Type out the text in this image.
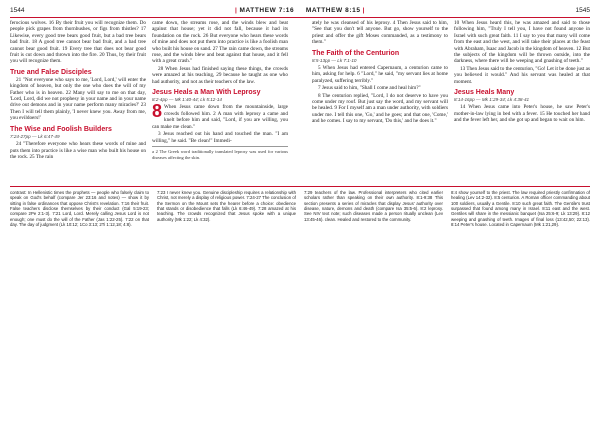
1544	| MATTHEW 7:16 MATTHEW 8:15 |	1545

ferocious wolves. 16 By their fruit you will recognize them. Do people pick grapes from thornbushes, or figs from thistles? 17 Likewise, every good tree bears good fruit, but a bad tree bears bad fruit. 18 A good tree cannot bear bad fruit, and a bad tree cannot bear good fruit. 19 Every tree that does not bear good fruit is cut down and thrown into the fire. 20 Thus, by their fruit you will recognize them.

True and False Disciples

21 "Not everyone who says to me, 'Lord, Lord,' will enter the kingdom of heaven, but only the one who does the will of my Father who is in heaven. 22 Many will say to me on that day, 'Lord, Lord, did we not prophesy in your name and in your name drive out demons and in your name perform many miracles?' 23 Then I will tell them plainly, 'I never knew you. Away from me, you evildoers!'

The Wise and Foolish Builders
7:24-27pp — Lk 6:47-49

24 "Therefore everyone who hears these words of mine and puts them into practice is like a wise man who built his house on the rock. 25 The rain

came down, the streams rose, and the winds blew and beat against that house; yet it did not fall, because it had its foundation on the rock. 26 But everyone who hears these words of mine and does not put them into practice is like a foolish man who built his house on sand. 27 The rain came down, the streams rose, and the winds blew and beat against that house, and it fell with a great crash."

28 When Jesus had finished saying these things, the crowds were amazed at his teaching, 29 because he taught as one who had authority, and not as their teachers of the law.

Jesus Heals a Man With Leprosy
8:2-4pp — Mk 1:40-44; Lk 5:12-14

8 When Jesus came down from the mountainside, large crowds followed him. 2 A man with leprosy a came and knelt before him and said, "Lord, if you are willing, you can make me clean."

3 Jesus reached out his hand and touched the man. "I am willing," he said. "Be clean!" Immedi-

a 2 The Greek word traditionally translated leprosy was used for various diseases affecting the skin.

ately he was cleansed of his leprosy. 4 Then Jesus said to him, "See that you don't tell anyone. But go, show yourself to the priest and offer the gift Moses commanded, as a testimony to them."

The Faith of the Centurion
8:5-13pp — Lk 7:1-10

5 When Jesus had entered Capernaum, a centurion came to him, asking for help. 6 "Lord," he said, "my servant lies at home paralyzed, suffering terribly."

7 Jesus said to him, "Shall I come and heal him?"

8 The centurion replied, "Lord, I do not deserve to have you come under my roof. But just say the word, and my servant will be healed. 9 For I myself am a man under authority, with soldiers under me. I tell this one, 'Go,' and he goes; and that one, 'Come,' and he comes. I say to my servant, 'Do this,' and he does it."

10 When Jesus heard this, he was amazed and said to those following him, "Truly I tell you, I have not found anyone in Israel with such great faith. 11 I say to you that many will come from the east and the west, and will take their places at the feast with Abraham, Isaac and Jacob in the kingdom of heaven. 12 But the subjects of the kingdom will be thrown outside, into the darkness, where there will be weeping and gnashing of teeth."

13 Then Jesus said to the centurion, "Go! Let it be done just as you believed it would." And his servant was healed at that moment.

Jesus Heals Many
8:14-16pp — Mk 1:29-34; Lk 4:38-41

14 When Jesus came into Peter's house, he saw Peter's mother-in-law lying in bed with a fever. 15 He touched her hand and the fever left her, and she got up and began to wait on him.

contrast: In Hellenistic times the prophets — people who falsely claim to speak on God's behalf (compare Jer 23:16 and notes) — show it by sitting in false ordinances that oppose Christ's revelation. 7:16 their fruit. False teachers disclose themselves by their conduct (Gal 5:19-23; compare 2Pe 2:1-3). 7:21 Lord, Lord. Merely calling Jesus Lord is not enough; one must do the will of the Father (Jas 1:22-25). 7:22 on that day. The day of judgment (Lk 10:12; 1Co 3:13; 2Ti 1:12,18; 4:8).

7:23 I never knew you. Genuine discipleship requires a relationship with Christ, not merely a display of religious power. 7:24-27 The conclusion of the Sermon on the Mount sets the hearer before a choice: obedience that stands or disobedience that falls (Lk 6:46-49). 7:28 amazed at his teaching. The crowds recognized that Jesus spoke with a unique authority (Mk 1:22; Lk 4:32).

7:29 teachers of the law. Professional interpreters who cited earlier scholars rather than speaking on their own authority. 8:1-9:38 This section presents a series of miracles that display Jesus' authority over disease, nature, demons and death (compare Isa 35:5-6). 8:2 leprosy. See NIV text note; such diseases made a person ritually unclean (Lev 13:45-46). clean. Healed and restored to the community.

8:4 show yourself to the priest. The law required priestly confirmation of healing (Lev 14:2-32). 8:5 centurion. A Roman officer commanding about 100 soldiers, usually a Gentile. 8:10 such great faith. The Gentile's trust surpassed that found among many in Israel. 8:11 east and the west. Gentiles will share in the messianic banquet (Isa 25:6-9; Lk 13:29). 8:12 weeping and gnashing of teeth. Images of final loss (13:42,50; 22:13). 8:14 Peter's house. Located in Capernaum (Mk 1:21,29).
